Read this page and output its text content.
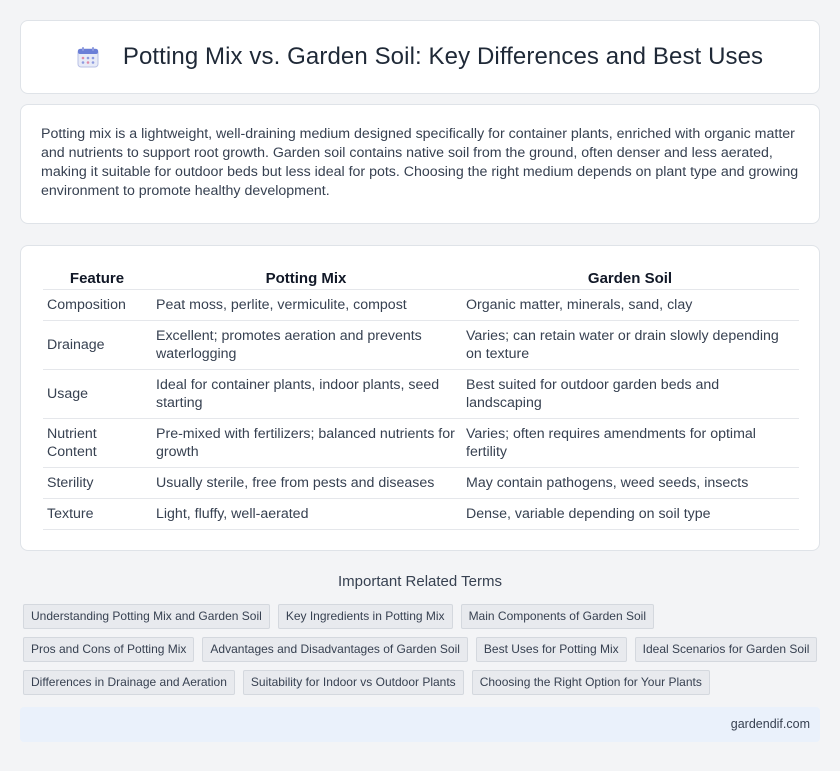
Potting Mix vs. Garden Soil: Key Differences and Best Uses

Potting mix is a lightweight, well-draining medium designed specifically for container plants, enriched with organic matter and nutrients to support root growth. Garden soil contains native soil from the ground, often denser and less aerated, making it suitable for outdoor beds but less ideal for pots. Choosing the right medium depends on plant type and growing environment to promote healthy development.

Feature	Potting Mix	Garden Soil
Composition	Peat moss, perlite, vermiculite, compost	Organic matter, minerals, sand, clay
Drainage	Excellent; promotes aeration and prevents waterlogging	Varies; can retain water or drain slowly depending on texture
Usage	Ideal for container plants, indoor plants, seed starting	Best suited for outdoor garden beds and landscaping
Nutrient Content	Pre-mixed with fertilizers; balanced nutrients for growth	Varies; often requires amendments for optimal fertility
Sterility	Usually sterile, free from pests and diseases	May contain pathogens, weed seeds, insects
Texture	Light, fluffy, well-aerated	Dense, variable depending on soil type
Important Related Terms
Understanding Potting Mix and Garden Soil	Key Ingredients in Potting Mix	Main Components of Garden Soil
Pros and Cons of Potting Mix	Advantages and Disadvantages of Garden Soil	Best Uses for Potting Mix	Ideal Scenarios for Garden Soil
Differences in Drainage and Aeration	Suitability for Indoor vs Outdoor Plants	Choosing the Right Option for Your Plants
gardendif.com
